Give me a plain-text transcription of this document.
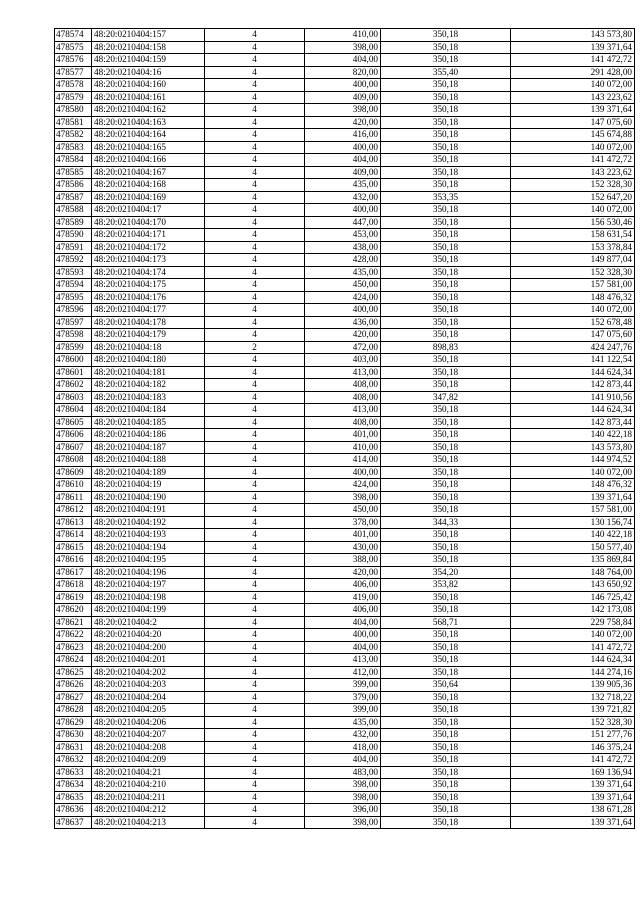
478574	48:20:0210404:157	4	410,00	350,18	143 573,80
478575	48:20:0210404:158	4	398,00	350,18	139 371,64
478576	48:20:0210404:159	4	404,00	350,18	141 472,72
478577	48:20:0210404:16	4	820,00	355,40	291 428,00
478578	48:20:0210404:160	4	400,00	350,18	140 072,00
478579	48:20:0210404:161	4	409,00	350,18	143 223,62
478580	48:20:0210404:162	4	398,00	350,18	139 371,64
478581	48:20:0210404:163	4	420,00	350,18	147 075,60
478582	48:20:0210404:164	4	416,00	350,18	145 674,88
478583	48:20:0210404:165	4	400,00	350,18	140 072,00
478584	48:20:0210404:166	4	404,00	350,18	141 472,72
478585	48:20:0210404:167	4	409,00	350,18	143 223,62
478586	48:20:0210404:168	4	435,00	350,18	152 328,30
478587	48:20:0210404:169	4	432,00	353,35	152 647,20
478588	48:20:0210404:17	4	400,00	350,18	140 072,00
478589	48:20:0210404:170	4	447,00	350,18	156 530,46
478590	48:20:0210404:171	4	453,00	350,18	158 631,54
478591	48:20:0210404:172	4	438,00	350,18	153 378,84
478592	48:20:0210404:173	4	428,00	350,18	149 877,04
478593	48:20:0210404:174	4	435,00	350,18	152 328,30
478594	48:20:0210404:175	4	450,00	350,18	157 581,00
478595	48:20:0210404:176	4	424,00	350,18	148 476,32
478596	48:20:0210404:177	4	400,00	350,18	140 072,00
478597	48:20:0210404:178	4	436,00	350,18	152 678,48
478598	48:20:0210404:179	4	420,00	350,18	147 075,60
478599	48:20:0210404:18	2	472,00	898,83	424 247,76
478600	48:20:0210404:180	4	403,00	350,18	141 122,54
478601	48:20:0210404:181	4	413,00	350,18	144 624,34
478602	48:20:0210404:182	4	408,00	350,18	142 873,44
478603	48:20:0210404:183	4	408,00	347,82	141 910,56
478604	48:20:0210404:184	4	413,00	350,18	144 624,34
478605	48:20:0210404:185	4	408,00	350,18	142 873,44
478606	48:20:0210404:186	4	401,00	350,18	140 422,18
478607	48:20:0210404:187	4	410,00	350,18	143 573,80
478608	48:20:0210404:188	4	414,00	350,18	144 974,52
478609	48:20:0210404:189	4	400,00	350,18	140 072,00
478610	48:20:0210404:19	4	424,00	350,18	148 476,32
478611	48:20:0210404:190	4	398,00	350,18	139 371,64
478612	48:20:0210404:191	4	450,00	350,18	157 581,00
478613	48:20:0210404:192	4	378,00	344,33	130 156,74
478614	48:20:0210404:193	4	401,00	350,18	140 422,18
478615	48:20:0210404:194	4	430,00	350,18	150 577,40
478616	48:20:0210404:195	4	388,00	350,18	135 869,84
478617	48:20:0210404:196	4	420,00	354,20	148 764,00
478618	48:20:0210404:197	4	406,00	353,82	143 650,92
478619	48:20:0210404:198	4	419,00	350,18	146 725,42
478620	48:20:0210404:199	4	406,00	350,18	142 173,08
478621	48:20:0210404:2	4	404,00	568,71	229 758,84
478622	48:20:0210404:20	4	400,00	350,18	140 072,00
478623	48:20:0210404:200	4	404,00	350,18	141 472,72
478624	48:20:0210404:201	4	413,00	350,18	144 624,34
478625	48:20:0210404:202	4	412,00	350,18	144 274,16
478626	48:20:0210404:203	4	399,00	350,64	139 905,36
478627	48:20:0210404:204	4	379,00	350,18	132 718,22
478628	48:20:0210404:205	4	399,00	350,18	139 721,82
478629	48:20:0210404:206	4	435,00	350,18	152 328,30
478630	48:20:0210404:207	4	432,00	350,18	151 277,76
478631	48:20:0210404:208	4	418,00	350,18	146 375,24
478632	48:20:0210404:209	4	404,00	350,18	141 472,72
478633	48:20:0210404:21	4	483,00	350,18	169 136,94
478634	48:20:0210404:210	4	398,00	350,18	139 371,64
478635	48:20:0210404:211	4	398,00	350,18	139 371,64
478636	48:20:0210404:212	4	396,00	350,18	138 671,28
478637	48:20:0210404:213	4	398,00	350,18	139 371,64
